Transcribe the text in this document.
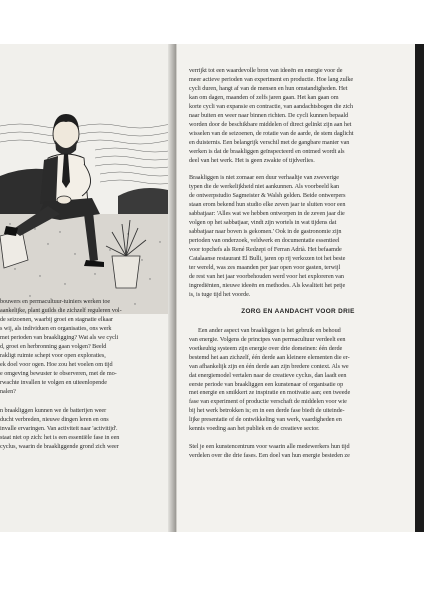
bouwers en permacultuur-tuiniers werken toe

aankelijke, plant guilds die zichzelf reguleren vol-

de seizoenen, waarbij groei en stagnatie elkaar

s wij, als individuen en organisaties, ons werk

met perioden van braakligging? Wat als we cycli

d, groei en herbronning gaan volgen? Beeld

rakligt ruimte schept voor open exploraties,

ek doel voor ogen. Hoe zou het voelen om tijd

e omgeving bewuster te observeren, met de mo-

rwachte invallen te volgen en uiteenlopende

nalen?

n braakliggen kunnen we de batterijen weer

ducht verbreden, nieuwe dingen leren en ons

invalle ervaringen. Van activiteit naar 'activitijd'.

staat niet op zich: het is een essentiële fase in een

cyclus, waarin de braakliggende grond zich weer

verrijkt tot een waardevolle bron van ideeën en energie voor de

meer actieve perioden van experiment en productie. Hoe lang zulke

cycli duren, hangt af van de mensen en hun omstandigheden. Het

kan om dagen, maanden of zelfs jaren gaan. Het kan gaan om

korte cycli van expansie en contractie, van aandachtsbogen die zich

naar buiten en weer naar binnen richten. De cycli kunnen bepaald

worden door de beschikbare middelen of direct gelinkt zijn aan het

wisselen van de seizoenen, de rotatie van de aarde, de stem daglicht

en duisternis. Een belangrijk verschil met de gangbare manier van

werken is dat de braakliggen geïnspecteerd en ontmed wordt als

deel van het werk. Het is geen zwakte of tijdverlies.

Braakliggen is niet zomaar een duur verhaaltje van zweverige

typen die de werkelijkheid niet aankunnen. Als voorbeeld kan

de ontwerpstudio Sagmeister & Walsh gelden. Beide ontwerpers

staan erom bekend hun studio elke zeven jaar te sluiten voor een

sabbatjaar: 'Alles wat we hebben ontworpen in de zeven jaar die

volgen op het sabbatjaar, vindt zijn wortels in wat tijdens dat

sabbatjaar naar boven is gekomen.' Ook in de gastronomie zijn

perioden van onderzoek, veldwerk en documentatie essentieel

voor topchefs als René Redzepi of Ferran Adrià. Het befaamde

Catalaanse restaurant El Bulli, jaren op rij verkozen tot het beste

ter wereld, was zes maanden per jaar open voor gasten, terwijl

de rest van het jaar voorbehouden werd voor het exploreren van

ingrediënten, nieuwe ideeën en methodes. Als kwaliteit het petje

is, is tuge tijd het voorde.

ZORG EN AANDACHT VOOR DRIE

Een ander aspect van braakliggen is het gebruik en behoud

van energie. Volgens de principes van permacultuur verdeelt een

voetkeuhig systeem zijn energie over drie domeinen: één derde

bestemd het aan zichzelf, één derde aan kleinere elementen die er-

van afhankelijk zijn en één derde aan zijn bredere context. Als we

dat energiemodel vertalen naar de creatieve cyclus, dan laadt een

eerste periode van braakliggen een kunstenaar of organisatie op

met energie en smikkert ze inspiratie en motivatie aan; een tweede

fase van experiment of productie verschaft de middelen voor wie

bij het werk betrokken is; en in een derde fase biedt de uiteinde-

lijke presentatie of de ontwikkeling van werk, vaardigheden en

kennis voeding aan het publiek en de creatieve sector.

Stel je een kunstencentrum voor waarin alle medewerkers hun tijd

verdelen over die drie fases. Een doel van hun energie besteden ze
